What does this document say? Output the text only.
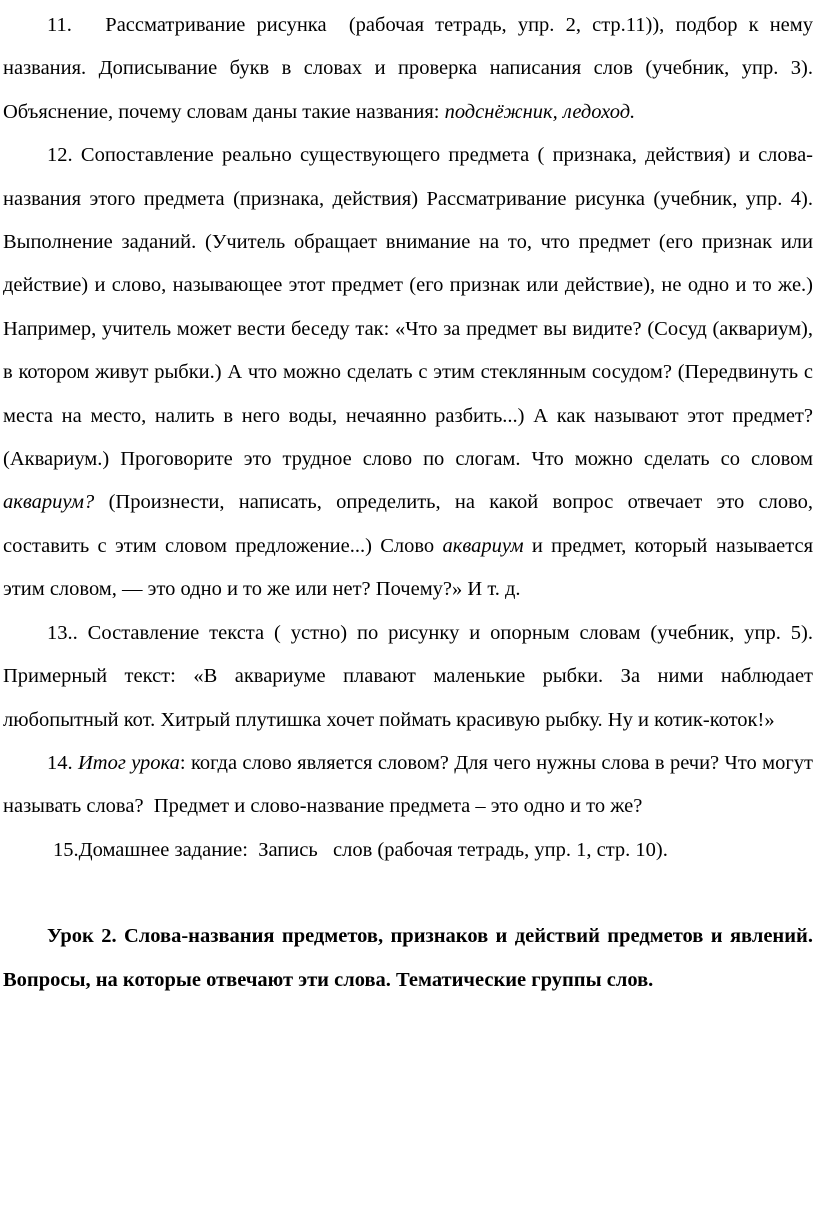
11.   Рассматривание рисунка  (рабочая тетрадь, упр. 2, стр.11)), подбор к нему названия. Дописывание букв в словах и проверка написания слов (учебник, упр. 3). Объяснение, почему словам даны такие названия: подснёжник, ледоход.

12. Сопоставление реально существующего предмета ( признака, действия) и слова-названия этого предмета (признака, действия) Рассматривание рисунка (учебник, упр. 4). Выполнение заданий. (Учитель обращает внимание на то, что предмет (его признак или действие) и слово, называющее этот предмет (его признак или действие), не одно и то же.) Например, учитель может вести беседу так: «Что за предмет вы видите? (Сосуд (аквариум), в котором живут рыбки.) А что можно сделать с этим стеклянным сосудом? (Передвинуть с места на место, налить в него воды, нечаянно разбить...) А как называют этот предмет? (Аквариум.) Проговорите это трудное слово по слогам. Что можно сделать со словом аквариум? (Произнести, написать, определить, на какой вопрос отвечает это слово, составить с этим словом предложение...) Слово аквариум и предмет, который называется этим словом, — это одно и то же или нет? Почему?» И т. д.

13.. Составление текста ( устно) по рисунку и опорным словам (учебник, упр. 5). Примерный текст: «В аквариуме плавают маленькие рыбки. За ними наблюдает любопытный кот. Хитрый плутишка хочет поймать красивую рыбку. Ну и котик-коток!»

14. Итог урока: когда слово является словом? Для чего нужны слова в речи? Что могут называть слова?  Предмет и слово-название предмета – это одно и то же?

15.Домашнее задание:  Запись   слов (рабочая тетрадь, упр. 1, стр. 10).

Урок 2. Слова-названия предметов, признаков и действий предметов и явлений. Вопросы, на которые отвечают эти слова. Тематические группы слов.
